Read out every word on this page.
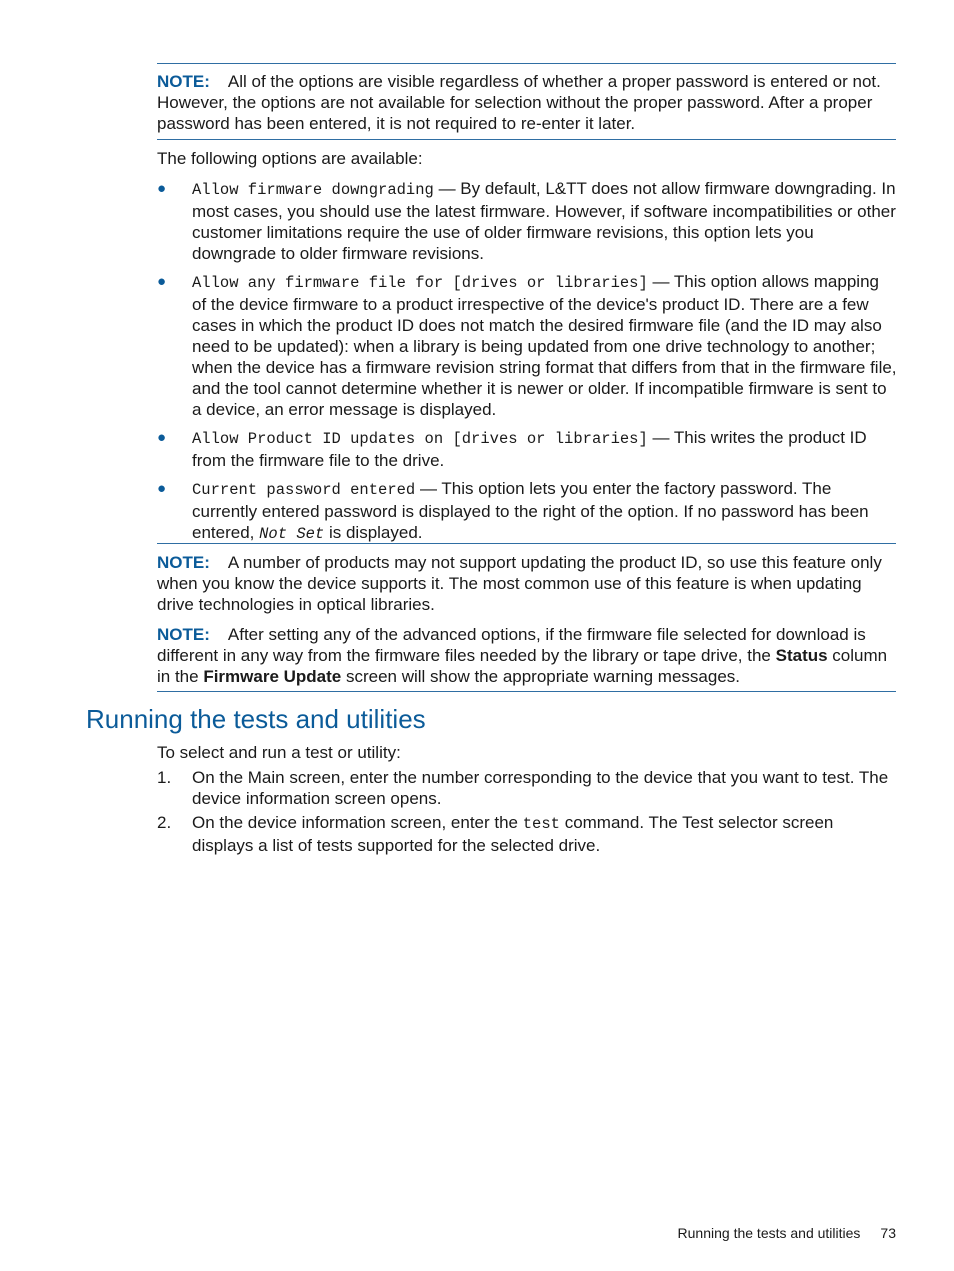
NOTE: All of the options are visible regardless of whether a proper password is entered or not. However, the options are not available for selection without the proper password. After a proper password has been entered, it is not required to re-enter it later.
The following options are available:
● Allow firmware downgrading — By default, L&TT does not allow firmware downgrading. In most cases, you should use the latest firmware. However, if software incompatibilities or other customer limitations require the use of older firmware revisions, this option lets you downgrade to older firmware revisions.
● Allow any firmware file for [drives or libraries] — This option allows mapping of the device firmware to a product irrespective of the device's product ID. There are a few cases in which the product ID does not match the desired firmware file (and the ID may also need to be updated): when a library is being updated from one drive technology to another; when the device has a firmware revision string format that differs from that in the firmware file, and the tool cannot determine whether it is newer or older. If incompatible firmware is sent to a device, an error message is displayed.
● Allow Product ID updates on [drives or libraries] — This writes the product ID from the firmware file to the drive.
● Current password entered — This option lets you enter the factory password. The currently entered password is displayed to the right of the option. If no password has been entered, Not Set is displayed.
NOTE: A number of products may not support updating the product ID, so use this feature only when you know the device supports it. The most common use of this feature is when updating drive technologies in optical libraries.
NOTE: After setting any of the advanced options, if the firmware file selected for download is different in any way from the firmware files needed by the library or tape drive, the Status column in the Firmware Update screen will show the appropriate warning messages.
Running the tests and utilities
To select and run a test or utility:
1. On the Main screen, enter the number corresponding to the device that you want to test. The device information screen opens.
2. On the device information screen, enter the test command. The Test selector screen displays a list of tests supported for the selected drive.
Running the tests and utilities 73
